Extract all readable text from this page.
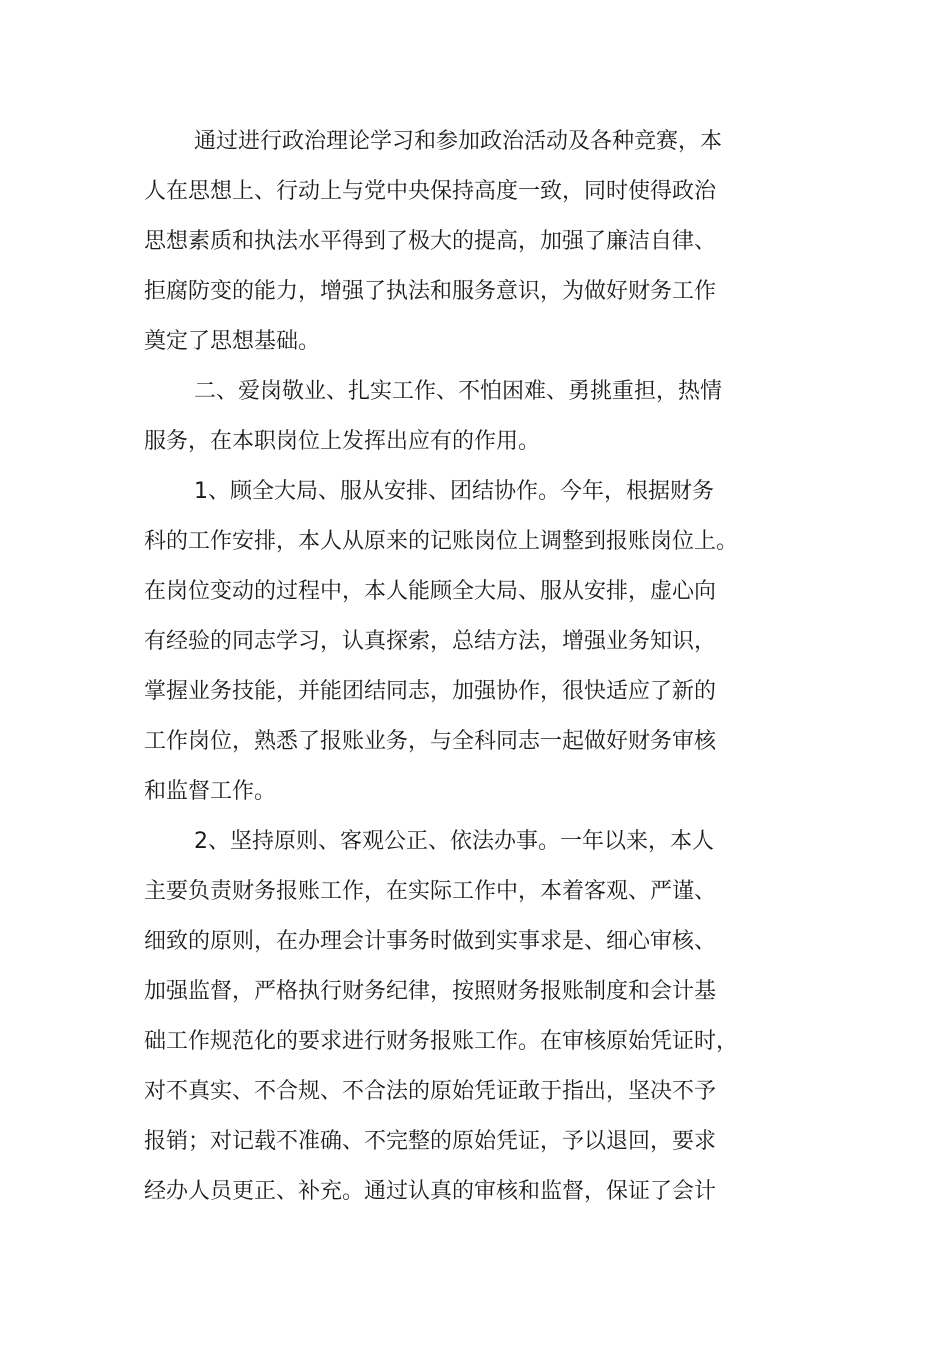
通过进行政治理论学习和参加政治活动及各种竞赛，本
人在思想上、行动上与党中央保持高度一致，同时使得政治
思想素质和执法水平得到了极大的提高，加强了廉洁自律、
拒腐防变的能力，增强了执法和服务意识，为做好财务工作
奠定了思想基础。
二、爱岗敬业、扎实工作、不怕困难、勇挑重担，热情
服务，在本职岗位上发挥出应有的作用。
1、顾全大局、服从安排、团结协作。今年，根据财务
科的工作安排，本人从原来的记账岗位上调整到报账岗位上。
在岗位变动的过程中，本人能顾全大局、服从安排，虚心向
有经验的同志学习，认真探索，总结方法，增强业务知识，
掌握业务技能，并能团结同志，加强协作，很快适应了新的
工作岗位，熟悉了报账业务，与全科同志一起做好财务审核
和监督工作。
2、坚持原则、客观公正、依法办事。一年以来，本人
主要负责财务报账工作，在实际工作中，本着客观、严谨、
细致的原则，在办理会计事务时做到实事求是、细心审核、
加强监督，严格执行财务纪律，按照财务报账制度和会计基
础工作规范化的要求进行财务报账工作。在审核原始凭证时，
对不真实、不合规、不合法的原始凭证敢于指出，坚决不予
报销；对记载不准确、不完整的原始凭证，予以退回，要求
经办人员更正、补充。通过认真的审核和监督，保证了会计
